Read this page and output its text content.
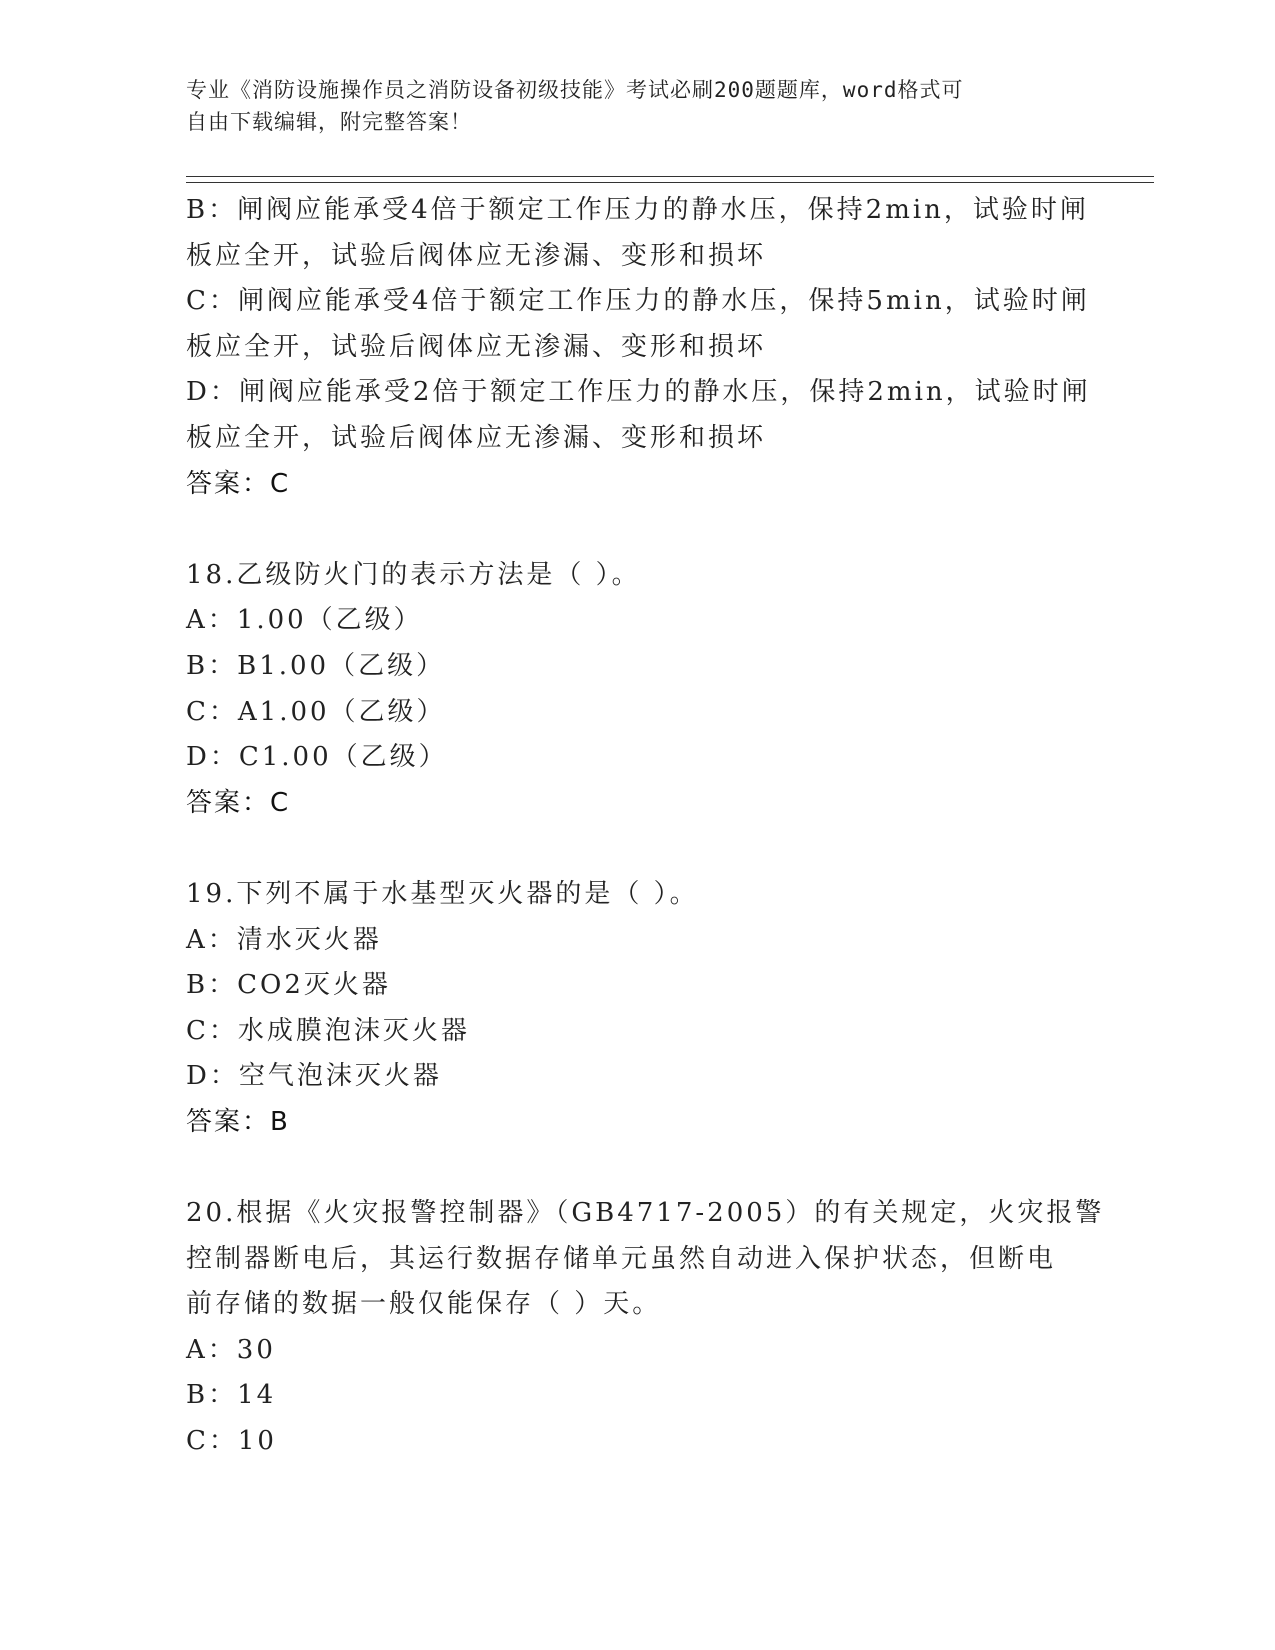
专业《消防设施操作员之消防设备初级技能》考试必刷200题题库，word格式可
自由下载编辑，附完整答案！
B：闸阀应能承受4倍于额定工作压力的静水压，保持2min，试验时闸
板应全开，试验后阀体应无渗漏、变形和损坏
C：闸阀应能承受4倍于额定工作压力的静水压，保持5min，试验时闸
板应全开，试验后阀体应无渗漏、变形和损坏
D：闸阀应能承受2倍于额定工作压力的静水压，保持2min，试验时闸
板应全开，试验后阀体应无渗漏、变形和损坏
答案：C
18.乙级防火门的表示方法是（ ）。
A：1.00（乙级）
B：B1.00（乙级）
C：A1.00（乙级）
D：C1.00（乙级）
答案：C
19.下列不属于水基型灭火器的是（ ）。
A：清水灭火器
B：CO2灭火器
C：水成膜泡沫灭火器
D：空气泡沫灭火器
答案：B
20.根据《火灾报警控制器》（GB4717-2005）的有关规定，火灾报警
控制器断电后，其运行数据存储单元虽然自动进入保护状态，但断电
前存储的数据一般仅能保存（ ）天。
A：30
B：14
C：10
